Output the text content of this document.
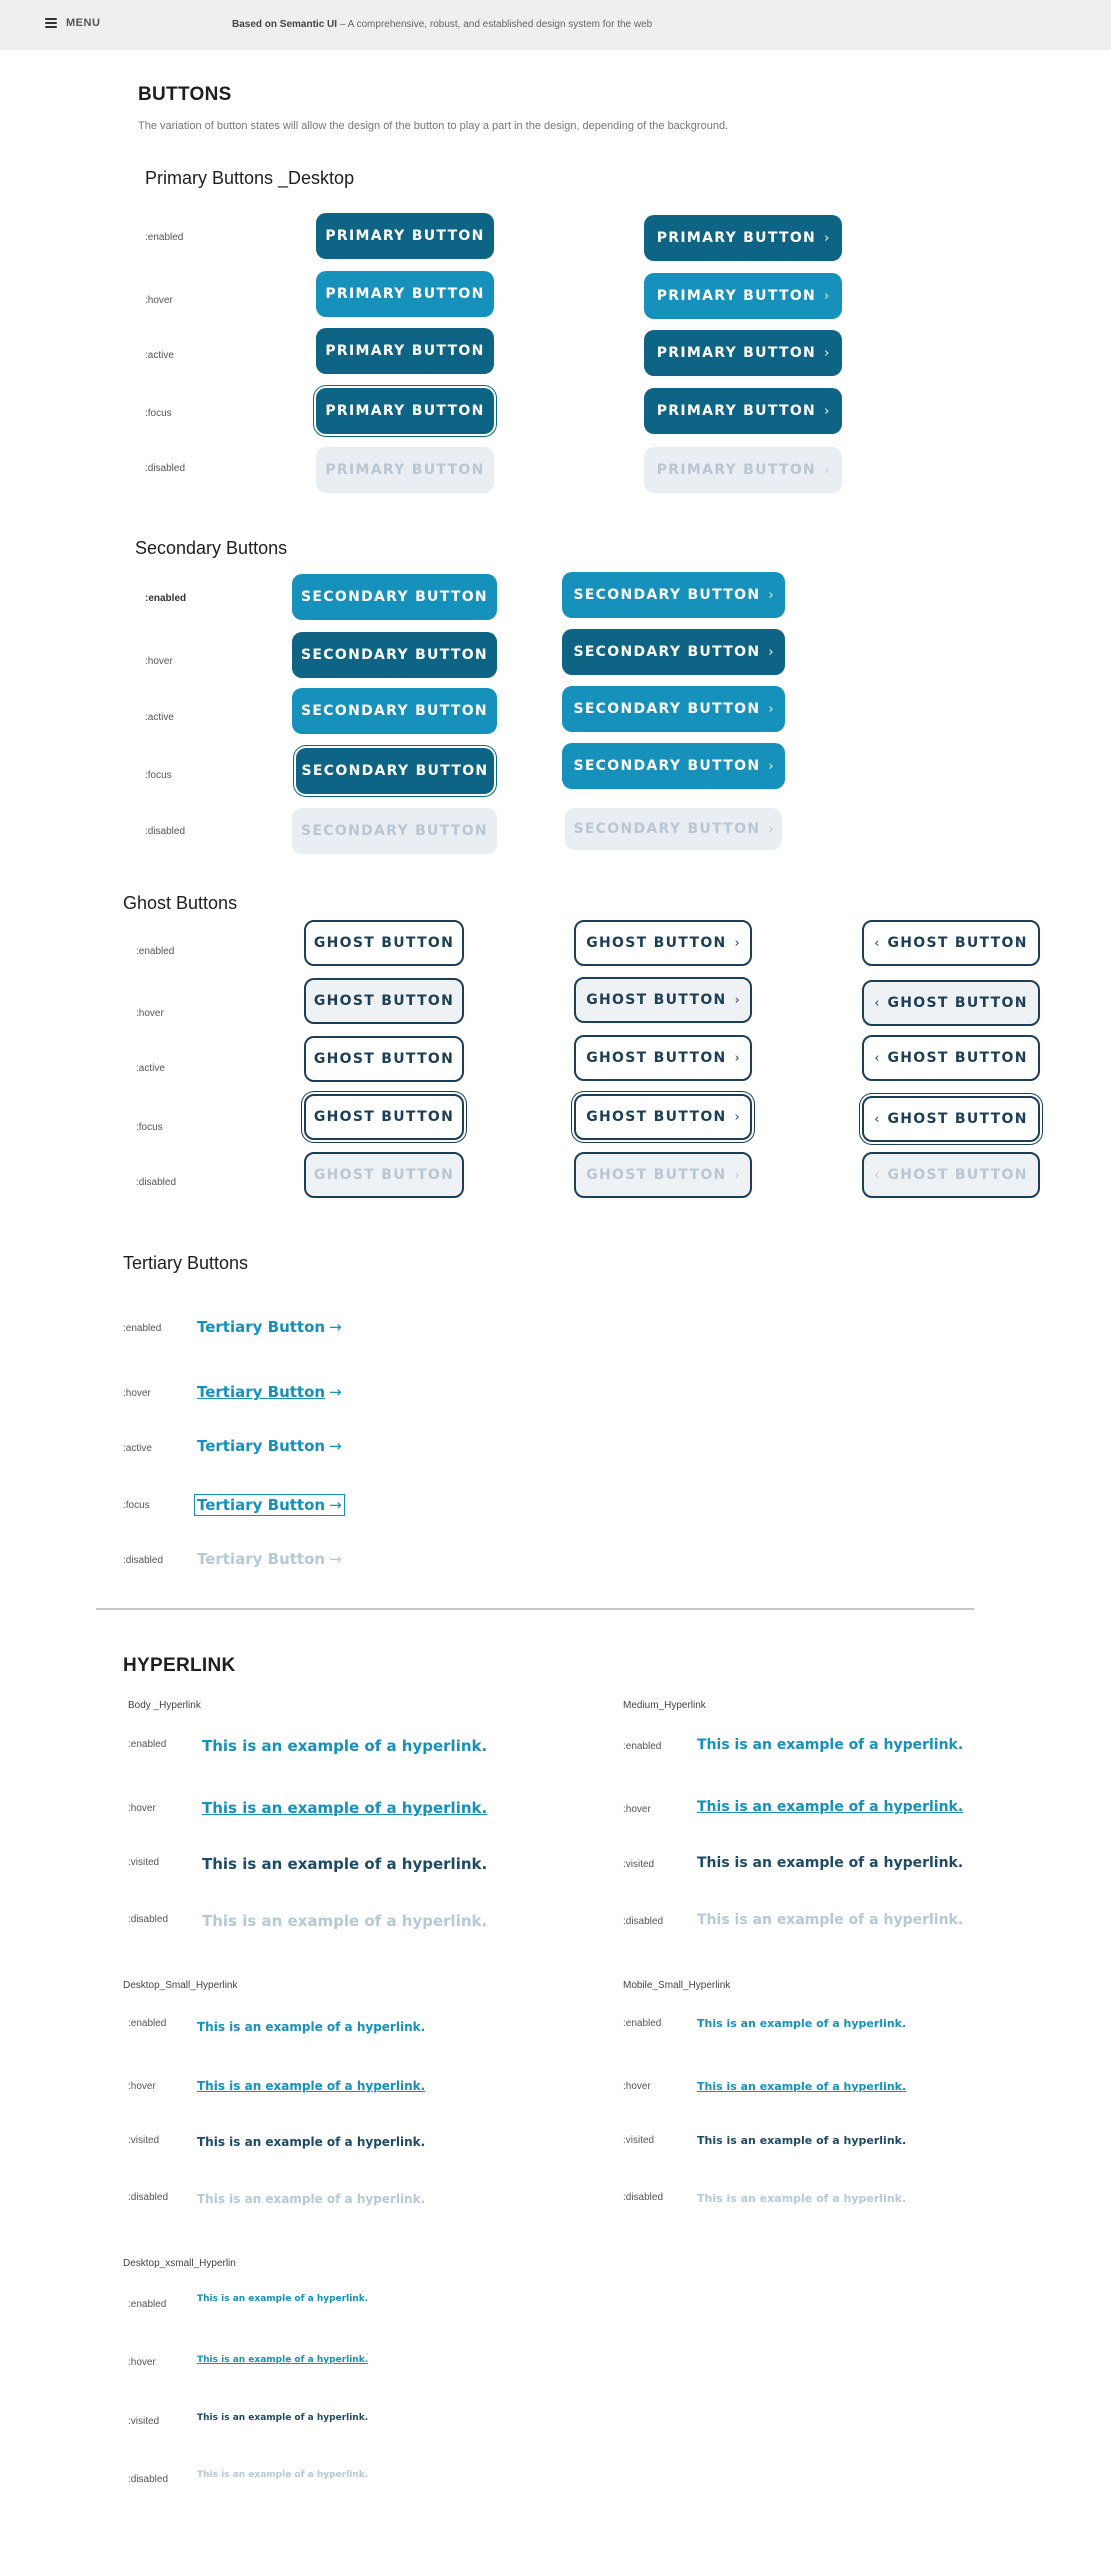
MENU	Based on Semantic UI – A comprehensive, robust, and established design system for the web
BUTTONS
The variation of button states will allow the design of the button to play a part in the design, depending of the background.
Primary Buttons _Desktop
:enabled
:hover
:active
:focus
:disabled
PRIMARY BUTTON
PRIMARY BUTTON
PRIMARY BUTTON
PRIMARY BUTTON
PRIMARY BUTTON
PRIMARY BUTTON ›
PRIMARY BUTTON ›
PRIMARY BUTTON ›
PRIMARY BUTTON ›
PRIMARY BUTTON ›
Secondary Buttons
:enabled
:hover
:active
:focus
:disabled
SECONDARY BUTTON
SECONDARY BUTTON
SECONDARY BUTTON
SECONDARY BUTTON
SECONDARY BUTTON
SECONDARY BUTTON ›
SECONDARY BUTTON ›
SECONDARY BUTTON ›
SECONDARY BUTTON ›
SECONDARY BUTTON ›
Ghost Buttons
:enabled
:hover
:active
:focus
:disabled
GHOST BUTTON
GHOST BUTTON
GHOST BUTTON
GHOST BUTTON
GHOST BUTTON
GHOST BUTTON ›
GHOST BUTTON ›
GHOST BUTTON ›
GHOST BUTTON ›
GHOST BUTTON ›
‹ GHOST BUTTON
‹ GHOST BUTTON
‹ GHOST BUTTON
‹ GHOST BUTTON
‹ GHOST BUTTON
Tertiary Buttons
:enabled
:hover
:active
:focus
:disabled
Tertiary Button →
Tertiary Button →
Tertiary Button →
Tertiary Button →
Tertiary Button →
HYPERLINK
Body _Hyperlink
:enabled
:hover
:visited
:disabled
This is an example of a hyperlink.
This is an example of a hyperlink.
This is an example of a hyperlink.
This is an example of a hyperlink.
Medium_Hyperlink
:enabled
:hover
:visited
:disabled
This is an example of a hyperlink.
This is an example of a hyperlink.
This is an example of a hyperlink.
This is an example of a hyperlink.
Desktop_Small_Hyperlink
:enabled
:hover
:visited
:disabled
This is an example of a hyperlink.
This is an example of a hyperlink.
This is an example of a hyperlink.
This is an example of a hyperlink.
Mobile_Small_Hyperlink
:enabled
:hover
:visited
:disabled
This is an example of a hyperlink.
This is an example of a hyperlink.
This is an example of a hyperlink.
This is an example of a hyperlink.
Desktop_xsmall_Hyperlin
:enabled
:hover
:visited
:disabled
This is an example of a hyperlink.
This is an example of a hyperlink.
This is an example of a hyperlink.
This is an example of a hyperlink.
